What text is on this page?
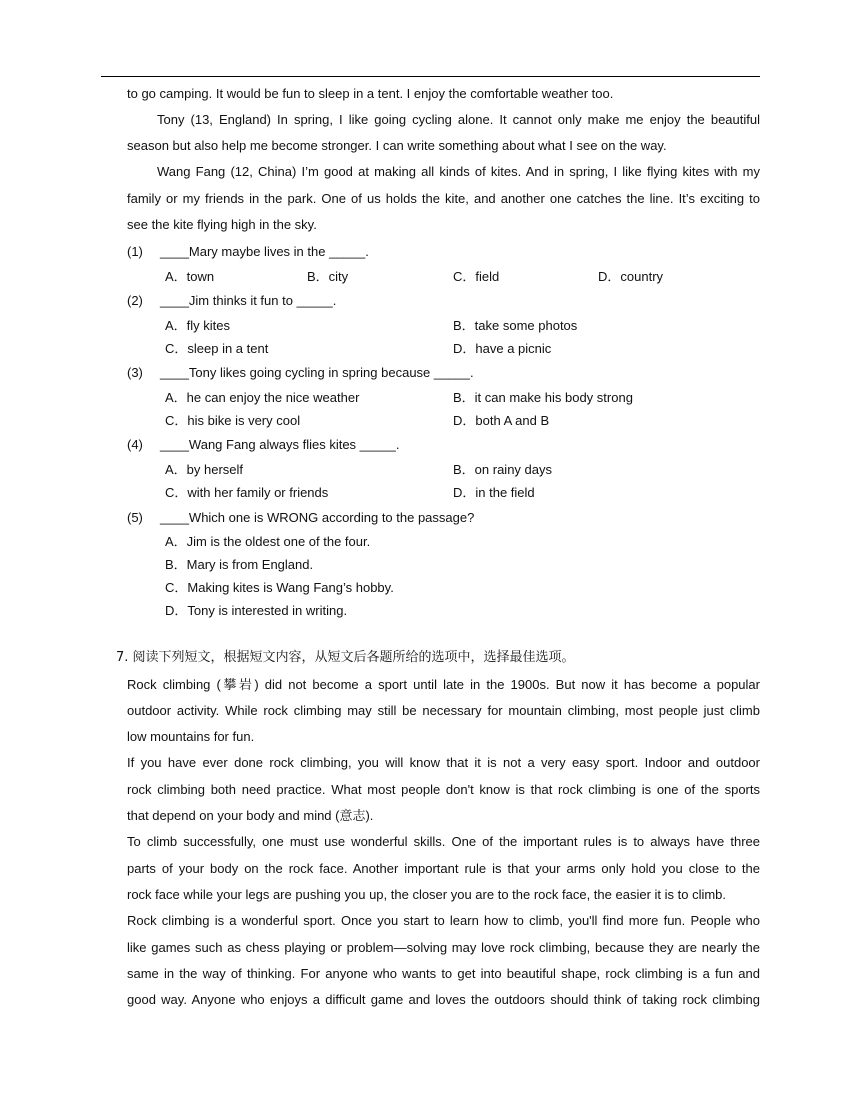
to go camping. It would be fun to sleep in a tent. I enjoy the comfortable weather too.
Tony (13, England) In spring, I like going cycling alone. It cannot only make me enjoy the beautiful
season but also help me become stronger. I can write something about what I see on the way.
Wang Fang (12, China) I’m good at making all kinds of kites. And in spring, I like flying kites with my
family or my friends in the park. One of us holds the kite, and another one catches the line. It’s exciting to
see the kite flying high in the sky.
(1) ____Mary maybe lives in the _____.
A．town	B．city	C．field	D．country
(2) ____Jim thinks it fun to _____.
A．fly kites	B．take some photos
C．sleep in a tent	D．have a picnic
(3) ____Tony likes going cycling in spring because _____.
A．he can enjoy the nice weather	B．it can make his body strong
C．his bike is very cool	D．both A and B
(4) ____Wang Fang always flies kites _____.
A．by herself	B．on rainy days
C．with her family or friends	D．in the field
(5) ____Which one is WRONG according to the passage?
A．Jim is the oldest one of the four.
B．Mary is from England.
C．Making kites is Wang Fang’s hobby.
D．Tony is interested in writing.
7. 阅读下列短文，根据短文内容，从短文后各题所给的选项中，选择最佳选项。
Rock climbing (攀岩) did not become a sport until late in the 1900s. But now it has become a popular
outdoor activity. While rock climbing may still be necessary for mountain climbing, most people just climb
low mountains for fun.
If you have ever done rock climbing, you will know that it is not a very easy sport. Indoor and outdoor
rock climbing both need practice. What most people don't know is that rock climbing is one of the sports
that depend on your body and mind (意志).
To climb successfully, one must use wonderful skills. One of the important rules is to always have three
parts of your body on the rock face. Another important rule is that your arms only hold you close to the
rock face while your legs are pushing you up, the closer you are to the rock face, the easier it is to climb.
Rock climbing is a wonderful sport. Once you start to learn how to climb, you'll find more fun. People who
like games such as chess playing or problem—solving may love rock climbing, because they are nearly the
same in the way of thinking. For anyone who wants to get into beautiful shape, rock climbing is a fun and
good way. Anyone who enjoys a difficult game and loves the outdoors should think of taking rock climbing
